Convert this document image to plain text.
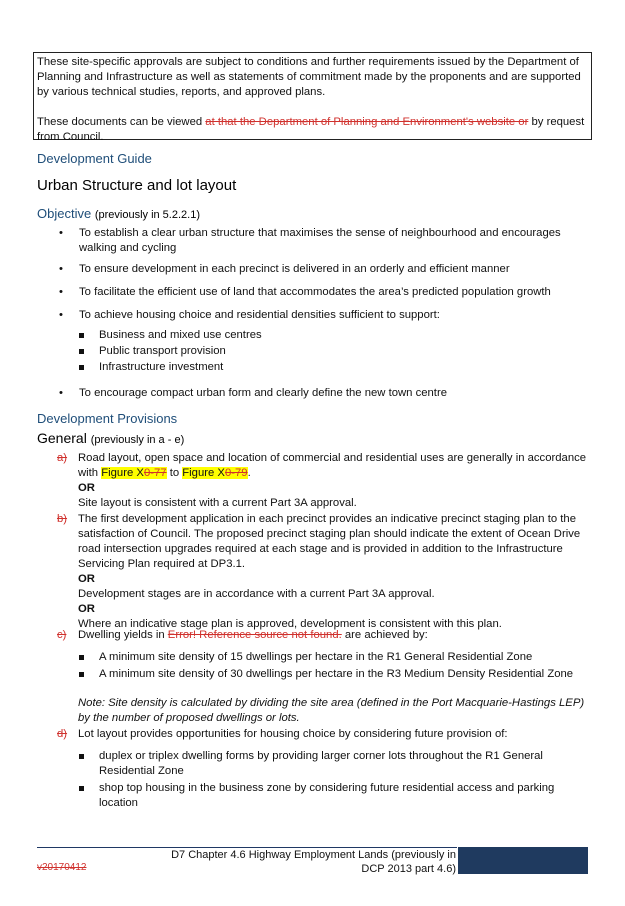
These site-specific approvals are subject to conditions and further requirements issued by the Department of Planning and Infrastructure as well as statements of commitment made by the proponents and are supported by various technical studies, reports, and approved plans.

These documents can be viewed at that the Department of Planning and Environment's website or by request from Council.

Development Guide
Urban Structure and lot layout
Objective (previously in 5.2.2.1)
• To establish a clear urban structure that maximises the sense of neighbourhood and encourages walking and cycling
• To ensure development in each precinct is delivered in an orderly and efficient manner
• To facilitate the efficient use of land that accommodates the area’s predicted population growth
• To achieve housing choice and residential densities sufficient to support:
Business and mixed use centres
Public transport provision
Infrastructure investment
• To encourage compact urban form and clearly define the new town centre
Development Provisions
General (previously in a - e)
a) Road layout, open space and location of commercial and residential uses are generally in accordance with Figure X0-77 to Figure X0-79.
OR
Site layout is consistent with a current Part 3A approval.
b) The first development application in each precinct provides an indicative precinct staging plan to the satisfaction of Council. The proposed precinct staging plan should indicate the extent of Ocean Drive road intersection upgrades required at each stage and is provided in addition to the Infrastructure Servicing Plan required at DP3.1.
OR
Development stages are in accordance with a current Part 3A approval.
OR
Where an indicative stage plan is approved, development is consistent with this plan.
c) Dwelling yields in Error! Reference source not found. are achieved by:
A minimum site density of 15 dwellings per hectare in the R1 General Residential Zone
A minimum site density of 30 dwellings per hectare in the R3 Medium Density Residential Zone
Note: Site density is calculated by dividing the site area (defined in the Port Macquarie-Hastings LEP) by the number of proposed dwellings or lots.
d) Lot layout provides opportunities for housing choice by considering future provision of:
duplex or triplex dwelling forms by providing larger corner lots throughout the R1 General Residential Zone
shop top housing in the business zone by considering future residential access and parking location
D7 Chapter 4.6 Highway Employment Lands (previously in DCP 2013 part 4.6)
v20170412
